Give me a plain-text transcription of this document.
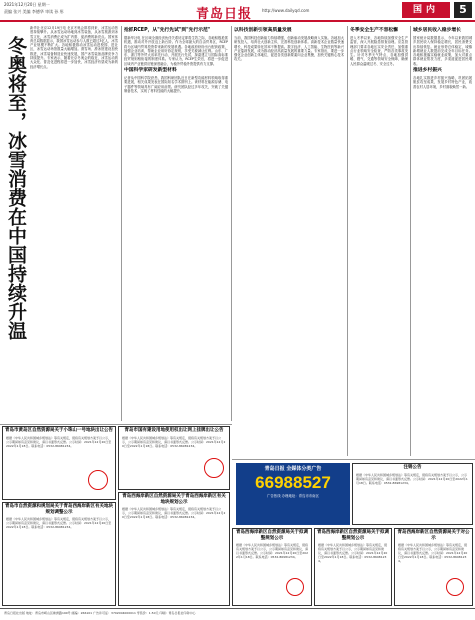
2021年12月20日 星期一
责编 张兴 美编 李德华 审读 孙 彤	青岛日报 http://www.dailyqd.com	国内	5
冬奥将至，冰雪消费在中国持续升温
新华社北京12月19日电 北京冬奥会即将到来，冰雪运动热度持续攀升。从冰雪运动场地到冰雪装备，从冰雪旅游到冰雪文化，冰雪消费正成为扩内需、促消费的新亮点。国家体育总局数据显示，我国冰雪运动参与人数已超过3亿人，冰雪产业规模不断扩大。各地积极推动冰雪运动进校园、进社区，冰雪运动场馆数量大幅增加。滑雪场、滑冰馆建设加快推进，冰雪装备制造业快速发展，国产冰雪装备品牌竞争力持续提升。专家表示，随着北京冬奥会的临近，冰雪运动的大众化、普及化进程将进一步加快，冰雪经济有望成为新的经济增长点。
抢抓RCEP，从"先行先试"到"先行示范"
据新华社电 在区域全面经济伙伴关系协定即将生效之际，各地积极抢抓机遇，推动对外开放迈上新台阶。作为全球最大的自由贸易区，RCEP将为区域内贸易投资带来新的发展机遇。各地政府纷纷出台配套政策，加强企业培训，帮助企业用好协定规则，享受关税减让红利。山东、广东、浙江等外贸大省率先行动，开展先行先试，探索建立与国际高标准经贸规则相衔接的制度体系。专家认为，RCEP生效后，将进一步促进区域内产业链供应链深度融合，为稳外贸稳外资提供有力支撑。
中国科学家研发新型材料
记者从中国科学院获悉，我国科研团队近日在新型功能材料领域取得重要进展，相关成果发表在国际知名学术期刊上。该材料在能源存储、电子器件等领域具有广阔应用前景。研究团队经过多年攻关，突破了关键制备技术，实现了材料性能的大幅提升。
以科技创新引领高质量发展
当前，我国科技创新能力持续增强，创新驱动发展战略深入实施。各地加大研发投入，培育壮大创新主体，完善科技创新体系。高新技术企业数量快速增长，科技成果转化效率不断提高。数字经济、人工智能、生物医药等新兴产业蓬勃发展，成为推动经济高质量发展的重要力量。专家指出，要进一步强化企业创新主体地位，促进各类创新要素向企业集聚，加快关键核心技术攻关。
冬季安全生产不容松懈
进入冬季以来，各地持续加强安全生产监管，深入开展隐患排查治理。应急管理部门要求各地压实安全责任，加强重点行业领域安全检查，严防各类事故发生。针对冬季天气特点，各地加强供暖、燃气、交通等领域安全保障，确保人民群众温暖过冬、安全过冬。
城乡居民收入稳步增长
国家统计局数据显示，今年以来我国城乡居民收入保持稳定增长，居民消费支出持续恢复。就业形势总体稳定，城镇新增就业人数提前完成全年目标任务。各地积极落实稳就业政策，加大对重点群体就业帮扶力度，多渠道促进居民增收。
推进乡村振兴
各地扎实推进乡村振兴战略，巩固拓展脱贫攻坚成果，发展乡村特色产业，改善农村人居环境，乡村面貌焕然一新。
青岛市黄岛区自然资源局关于小珠山一号地块出让公告
根据《中华人民共和国城乡规划法》等有关规定，现将有关规划方案予以公示，公示期间如有意见和建议，请以书面形式反馈。公示时间：2021年12月20日至2022年1月18日。联系电话：0532-86981234。
青岛市自然资源和规划局关于青岛西海岸新区有关地块规划调整公示
根据《中华人民共和国城乡规划法》等有关规定，现将有关规划方案予以公示，公示期间如有意见和建议，请以书面形式反馈。公示时间：2021年12月20日至2022年1月18日。联系电话：0532-86981234。
青岛市国有建设用地使用权出让网上挂牌出让公告
根据《中华人民共和国城乡规划法》等有关规定，现将有关规划方案予以公示，公示期间如有意见和建议，请以书面形式反馈。公示时间：2021年12月20日至2022年1月18日。联系电话：0532-86981234。
青岛西海岸新区自然资源局关于青岛西海岸新区有关地块规划公示
根据《中华人民共和国城乡规划法》等有关规定，现将有关规划方案予以公示，公示期间如有意见和建议，请以书面形式反馈。公示时间：2021年12月20日至2022年1月18日。联系电话：0532-86981234。
青岛日报 全媒体分类广告
66988527
广告热线 办理地址：青岛市市南区
注销公告
根据《中华人民共和国城乡规划法》等有关规定，现将有关规划方案予以公示，公示期间如有意见和建议，请以书面形式反馈。公示时间：2021年12月20日至2022年1月18日。联系电话：0532-86981234。
青岛西海岸新区自然资源局关于拟调整规划公示
根据《中华人民共和国城乡规划法》等有关规定，现将有关规划方案予以公示，公示期间如有意见和建议，请以书面形式反馈。公示时间：2021年12月20日至2022年1月18日。联系电话：0532-86981234。
青岛西海岸新区自然资源局关于拟调整规划公示
根据《中华人民共和国城乡规划法》等有关规定，现将有关规划方案予以公示，公示期间如有意见和建议，请以书面形式反馈。公示时间：2021年12月20日至2022年1月18日。联系电话：0532-86981234。
青岛西海岸新区自然资源局关于对公示
根据《中华人民共和国城乡规划法》等有关规定，现将有关规划方案予以公示，公示期间如有意见和建议，请以书面形式反馈。公示时间：2021年12月20日至2022年1月18日。联系电话：0532-86981234。
青岛日报社出版 地址：青岛市崂山区株洲路190号 邮编：266101 广告许可证：3702004000011 零售价：1.50元 印刷：青岛日报社印务中心
